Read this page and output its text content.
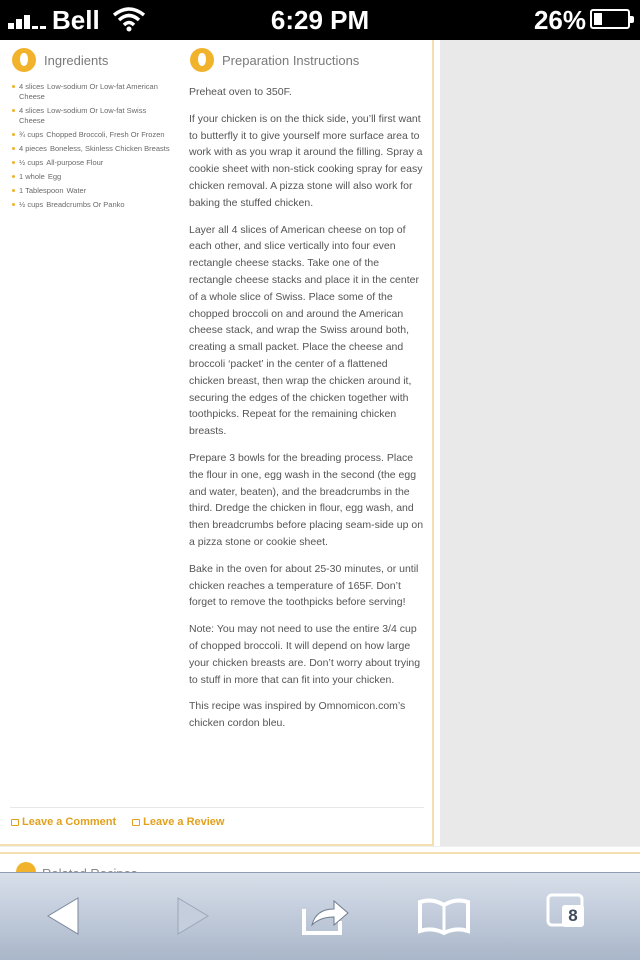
Bell	6:29 PM	26%
Ingredients
4 slices Low-sodium Or Low-fat American Cheese
4 slices Low-sodium Or Low-fat Swiss Cheese
¾ cups Chopped Broccoli, Fresh Or Frozen
4 pieces Boneless, Skinless Chicken Breasts
½ cups All-purpose Flour
1 whole Egg
1 Tablespoon Water
½ cups Breadcrumbs Or Panko
Preparation Instructions

Preheat oven to 350F.

If your chicken is on the thick side, you’ll first want to butterfly it to give yourself more surface area to work with as you wrap it around the filling. Spray a cookie sheet with non-stick cooking spray for easy chicken removal. A pizza stone will also work for baking the stuffed chicken.

Layer all 4 slices of American cheese on top of each other, and slice vertically into four even rectangle cheese stacks. Take one of the rectangle cheese stacks and place it in the center of a whole slice of Swiss. Place some of the chopped broccoli on and around the American cheese stack, and wrap the Swiss around both, creating a small packet. Place the cheese and broccoli ‘packet’ in the center of a flattened chicken breast, then wrap the chicken around it, securing the edges of the chicken together with toothpicks. Repeat for the remaining chicken breasts.

Prepare 3 bowls for the breading process. Place the flour in one, egg wash in the second (the egg and water, beaten), and the breadcrumbs in the third. Dredge the chicken in flour, egg wash, and then breadcrumbs before placing seam-side up on a pizza stone or cookie sheet.

Bake in the oven for about 25-30 minutes, or until chicken reaches a temperature of 165F. Don’t forget to remove the toothpicks before serving!

Note: You may not need to use the entire 3/4 cup of chopped broccoli. It will depend on how large your chicken breasts are. Don’t worry about trying to stuff in more that can fit into your chicken.

This recipe was inspired by Omnomicon.com’s chicken cordon bleu.

Leave a Comment Leave a Review
8
